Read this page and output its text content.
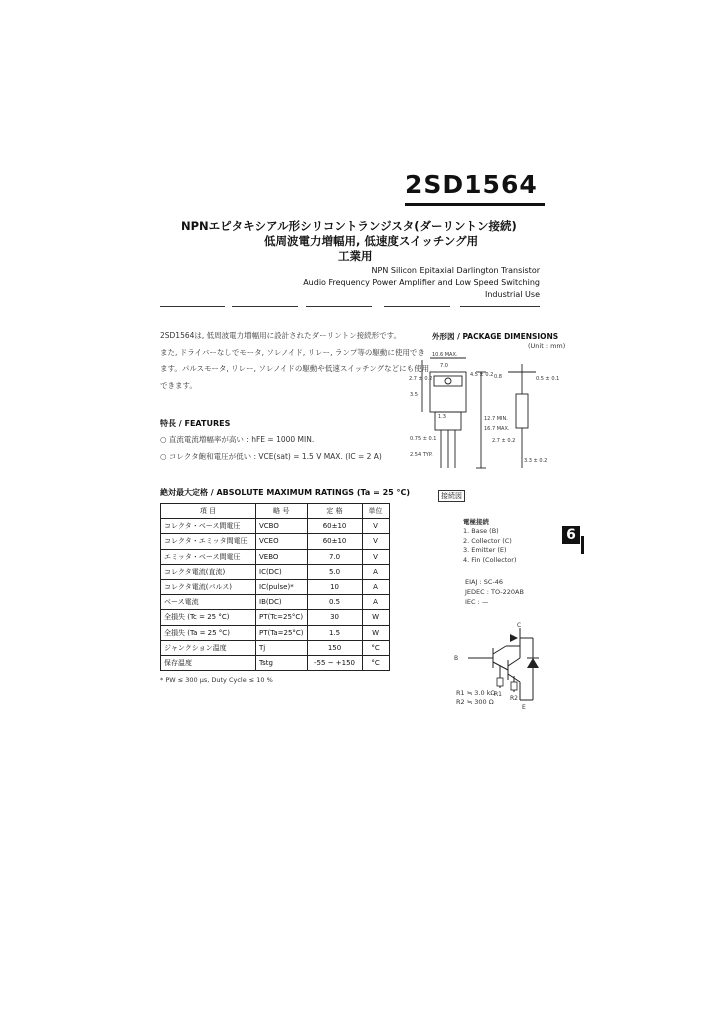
2SD1564
NPNエピタキシアル形シリコントランジスタ(ダーリントン接続)
低周波電力増幅用, 低速度スイッチング用
工業用
NPN Silicon Epitaxial Darlington Transistor
Audio Frequency Power Amplifier and Low Speed Switching
Industrial Use
2SD1564は, 低周波電力増幅用に設計されたダーリントン接続形です。
また, ドライバーなしでモータ, ソレノイド, リレー, ランプ等の駆動に使用でき
ます。パルスモータ, リレー, ソレノイドの駆動や低速スイッチングなどにも使用
できます。
特長 / FEATURES
○ 直流電流増幅率が高い : hFE = 1000 MIN.
○ コレクタ飽和電圧が低い : VCE(sat) = 1.5 V MAX. (IC = 2 A)
絶対最大定格 / ABSOLUTE MAXIMUM RATINGS (Ta = 25 °C)
項 目	略 号	定 格	単位
コレクタ・ベース間電圧	VCBO	60±10	V
コレクタ・エミッタ間電圧	VCEO	60±10	V
エミッタ・ベース間電圧	VEBO	7.0	V
コレクタ電流(直流)	IC(DC)	5.0	A
コレクタ電流(パルス)	IC(pulse)*	10	A
ベース電流	IB(DC)	0.5	A
全損失 (Tc = 25 °C)	PT(Tc=25°C)	30	W
全損失 (Ta = 25 °C)	PT(Ta=25°C)	1.5	W
ジャンクション温度	Tj	150	°C
保存温度	Tstg	-55 ~ +150	°C
* PW ≤ 300 μs, Duty Cycle ≤ 10 %
外形図 / PACKAGE DIMENSIONS
(Unit : mm)
10.6 MAX.
7.0
4.5 ± 0.2
2.7 ± 0.2
3.5
1.3	12.7 MIN.
16.7 MAX.
0.75 ± 0.1
2.54 TYP.
0.5 ± 0.1
2.7 ± 0.2
3.3 ± 0.2
0.8
接続図
電極接続
1. Base (B)
2. Collector (C)
3. Emitter (E)
4. Fin (Collector)
EIAJ : SC-46
JEDEC : TO-220AB
IEC : —
6
C
B
E
R1
R2
R1 ≒ 3.0 kΩ
R2 ≒ 300 Ω
